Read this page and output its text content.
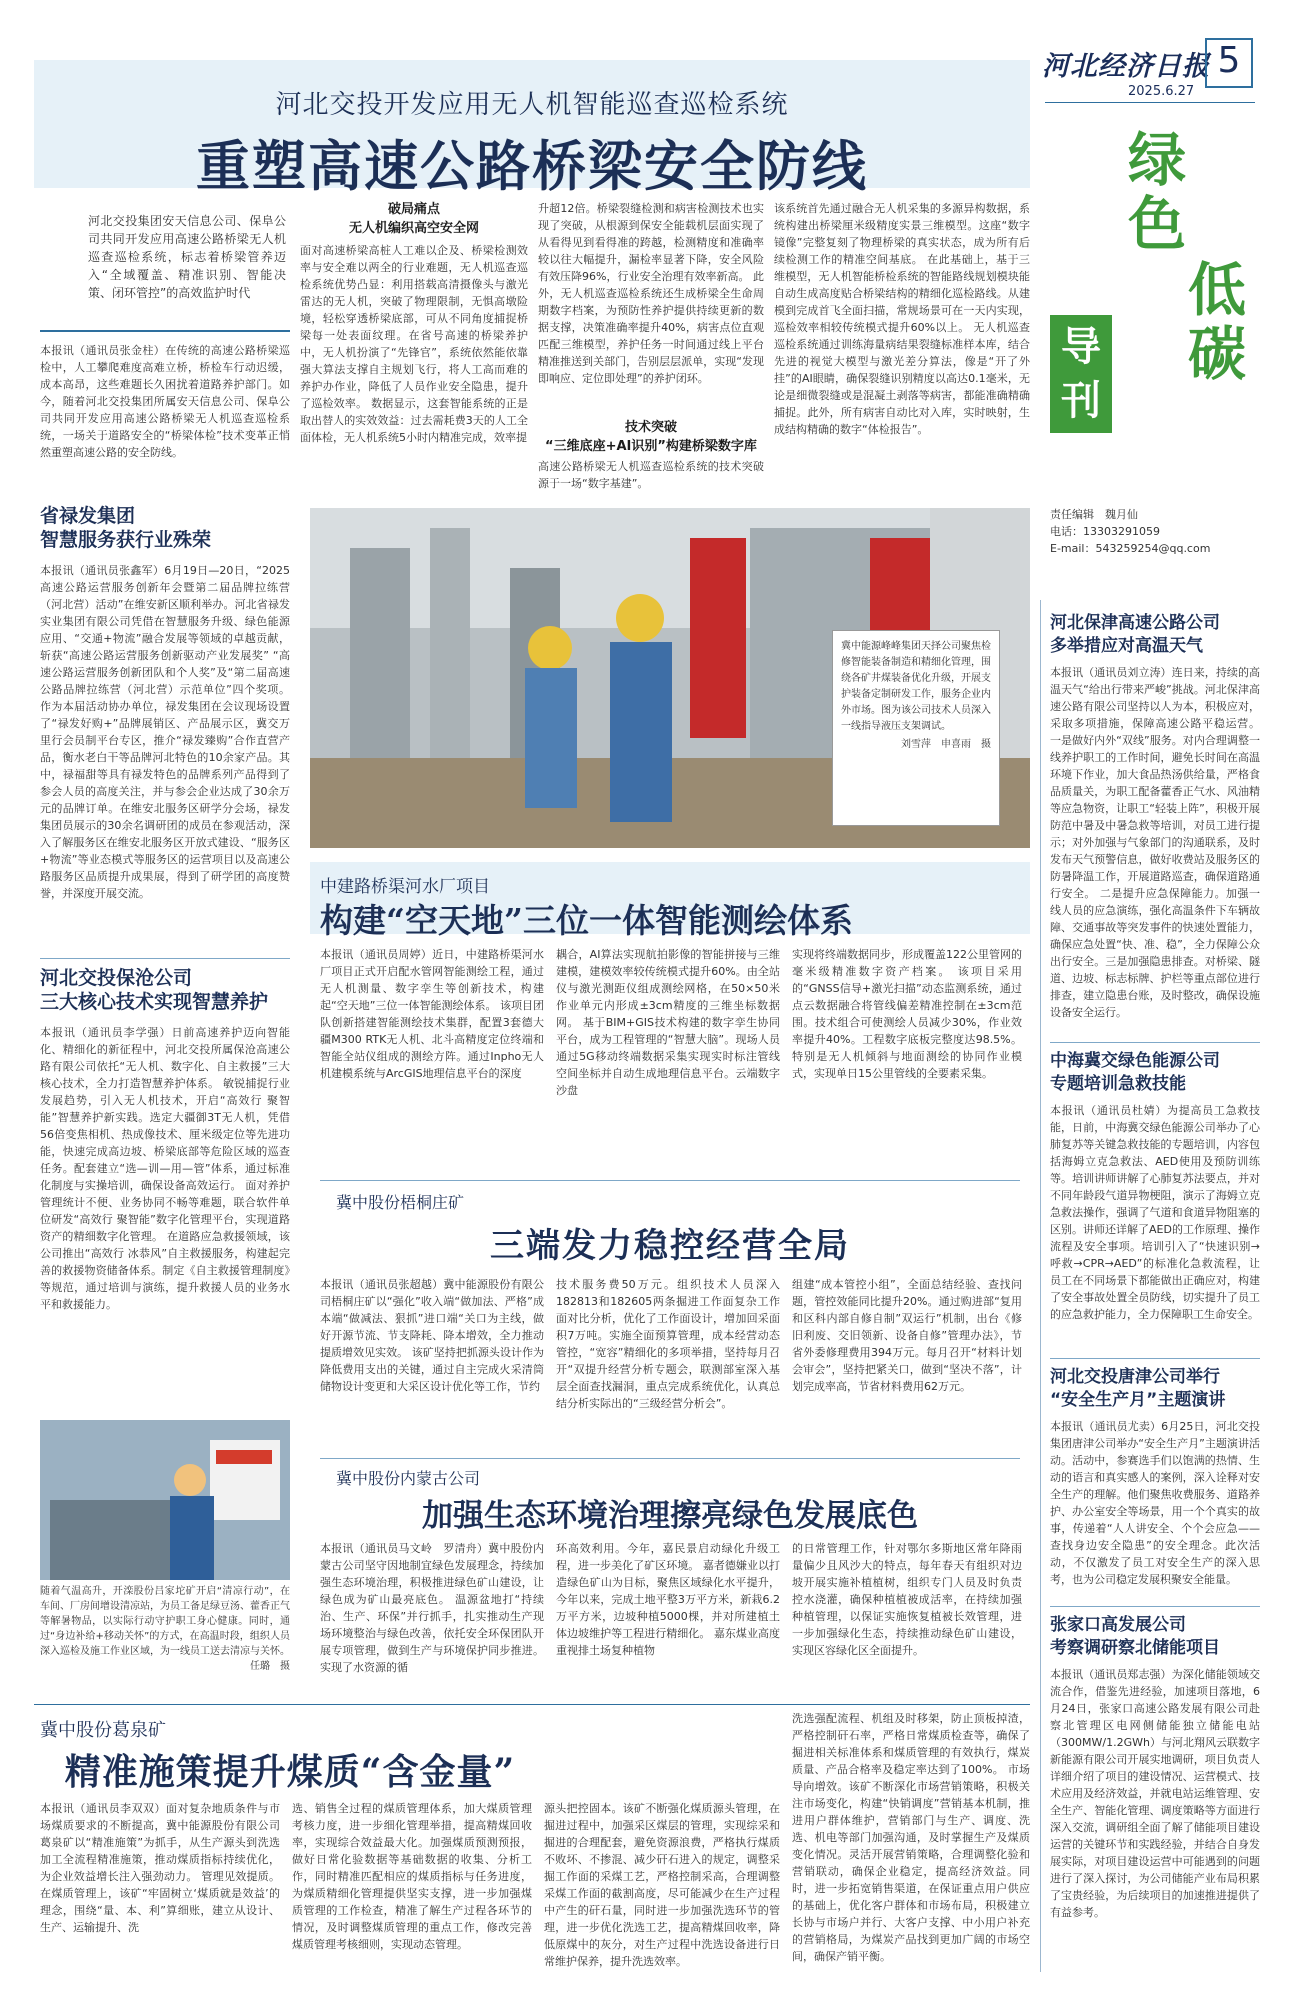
河北经济日报 5
2025.6.27
绿
色
低
碳
导刊
责任编辑　魏月仙
电话：13303291059
E-mail：543259254@qq.com
河北交投开发应用无人机智能巡查巡检系统
重塑高速公路桥梁安全防线
河北交投集团安天信息公司、保阜公司共同开发应用高速公路桥梁无人机巡查巡检系统，标志着桥梁管养迈入“全域覆盖、精准识别、智能决策、闭环管控”的高效监护时代
本报讯（通讯员张金柱）在传统的高速公路桥梁巡检中，人工攀爬难度高难立桥，桥检车行动迟缓，成本高昂，这些难题长久困扰着道路养护部门。如今，随着河北交投集团所属安天信息公司、保阜公司共同开发应用高速公路桥梁无人机巡查巡检系统，一场关于道路安全的“桥梁体检”技术变革正悄然重塑高速公路的安全防线。
破局痛点
无人机编织高空安全网
面对高速桥梁高桩人工难以企及、桥梁检测效率与安全难以两全的行业难题，无人机巡查巡检系统优势凸显：利用搭载高清摄像头与激光雷达的无人机，突破了物理限制，无惧高墩险境，轻松穿透桥梁底部，可从不同角度捕捉桥梁每一处表面纹理。在省号高速的桥梁养护中，无人机扮演了“先锋官”，系统依然能依靠强大算法支撑自主规划飞行，将人工高而难的养护办作业，降低了人员作业安全隐患，提升了巡检效率。 数据显示，这套智能系统的正是取出替人的实效效益：过去需耗费3天的人工全面体检，无人机系统5小时内精准完成，效率提
升超12倍。桥梁裂缝检测和病害检测技术也实现了突破，从根源到保安全能载机层面实现了从看得见到看得准的跨越，检测精度和准确率较以往大幅提升，漏检率显著下降，安全风险有效压降96%，行业安全治理有效率新高。 此外，无人机巡查巡检系统还生成桥梁全生命周期数字档案，为预防性养护提供持续更新的数据支撑，决策准确率提升40%，病害点位直观匹配三维模型，养护任务一时间通过线上平台精准推送到关部门，告别层层派单，实现“发现即响应、定位即处理”的养护闭环。
技术突破
“三维底座+AI识别”构建桥梁数字库
高速公路桥梁无人机巡查巡检系统的技术突破源于一场“数字基建”。
该系统首先通过融合无人机采集的多源异构数据，系统构建出桥梁厘米级精度实景三维模型。这座“数字镜像”完整复刻了物理桥梁的真实状态，成为所有后续检测工作的精准空间基底。 在此基础上，基于三维模型，无人机智能桥检系统的智能路线规划模块能自动生成高度贴合桥梁结构的精细化巡检路线。从建模到完成首飞全面扫描，常规场景可在一天内实现，巡检效率相较传统模式提升60%以上。 无人机巡查巡检系统通过训练海量病结果裂缝标准样本库，结合先进的视觉大模型与激光差分算法，像是“开了外挂”的AI眼睛，确保裂缝识别精度以高达0.1毫米，无论是细微裂缝或是混凝土剥落等病害，都能准确精确捕捉。此外，所有病害自动比对入库，实时映射，生成结构精确的数字“体检报告”。
冀中能源峰峰集团天择公司聚焦检修智能装备制造和精细化管理，围绕各矿井煤装备优化升级，开展支护装备定制研发工作，服务企业内外市场。图为该公司技术人员深入一线指导液压支架调试。
刘雪萍　申喜雨　摄
省禄发集团
智慧服务获行业殊荣
本报讯（通讯员张鑫军）6月19日—20日，“2025高速公路运营服务创新年会暨第二届品牌拉练营（河北营）活动”在维安新区顺利举办。河北省禄发实业集团有限公司凭借在智慧服务升级、绿色能源应用、“交通+物流”融合发展等领域的卓越贡献，斩获“高速公路运营服务创新驱动产业发展奖” “高速公路运营服务创新团队和个人奖”及“第二届高速公路品牌拉练营（河北营）示范单位”四个奖项。 作为本届活动协办单位，禄发集团在会议现场设置了“禄发好购+”品牌展销区、产品展示区，冀交万里行会员制平台专区，推介“禄发臻购”合作直营产品，衡水老白干等品牌河北特色的10余家产品。其中，禄福甜等具有禄发特色的品牌系列产品得到了参会人员的高度关注，并与参会企业达成了30余万元的品牌订单。在维安北服务区研学分会场，禄发集团员展示的30余名调研团的成员在参观活动，深入了解服务区在维安北服务区开放式建设、“服务区+物流”等业态模式等服务区的运营项目以及高速公路服务区品质提升成果展，得到了研学团的高度赞誉，并深度开展交流。
河北交投保沧公司
三大核心技术实现智慧养护
本报讯（通讯员李学强）日前高速养护迈向智能化、精细化的新征程中，河北交投所属保沧高速公路有限公司依托“无人机、数字化、自主救援”三大核心技术，全力打造智慧养护体系。 敏锐捕捉行业发展趋势，引入无人机技术，开启“高效行 聚智能”智慧养护新实践。选定大疆御3T无人机，凭借56倍变焦相机、热成像技术、厘米级定位等先进功能，快速完成高边坡、桥梁底部等危险区域的巡查任务。配套建立“选—训—用—管”体系，通过标准化制度与实操培训，确保设备高效运行。 面对养护管理统计不便、业务协同不畅等难题，联合软件单位研发“高效行 聚智能”数字化管理平台，实现道路资产的精细数字化管理。 在道路应急救援领域，该公司推出“高效行 冰恭风”自主救援服务，构建起完善的救援物资储备体系。制定《自主救援管理制度》等规范，通过培训与演练，提升救援人员的业务水平和救援能力。
随着气温高升，开滦股份吕家坨矿开启“清凉行动”，在车间、厂房间增设清凉站，为员工备足绿豆汤、藿香正气等解暑物品，以实际行动守护职工身心健康。同时，通过“身边补给+移动关怀”的方式，在高温时段，组织人员深入巡检及施工作业区域，为一线员工送去清凉与关怀。
任璐　摄
中建路桥渠河水厂项目
构建“空天地”三位一体智能测绘体系
本报讯（通讯员周婷）近日，中建路桥渠河水厂项目正式开启配水管网智能测绘工程，通过无人机测量、数字孪生等创新技术，构建起“空天地”三位一体智能测绘体系。 该项目团队创新搭建智能测绘技术集群，配置3套德大疆M300 RTK无人机、北斗高精度定位终端和智能全站仪组成的测绘方阵。通过Inpho无人机建模系统与ArcGIS地理信息平台的深度
耦合，AI算法实现航拍影像的智能拼接与三维建模，建模效率较传统模式提升60%。由全站仪与激光测距仪组成测绘网格，在50×50米作业单元内形成±3cm精度的三维坐标数据网。 基于BIM+GIS技术构建的数字孪生协同平台，成为工程管理的“智慧大脑”。现场人员通过5G移动终端数据采集实现实时标注管线空间坐标并自动生成地理信息平台。云端数字沙盘
实现将终端数据同步，形成覆盖122公里管网的毫米级精准数字资产档案。 该项目采用的“GNSS信导+激光扫描”动态监测系统，通过点云数据融合将管线偏差精准控制在±3cm范围。技术组合可使测绘人员减少30%，作业效率提升40%。工程数字底板完整度达98.5%。特别是无人机倾斜与地面测绘的协同作业模式，实现单日15公里管线的全要素采集。
冀中股份梧桐庄矿
三端发力稳控经营全局
本报讯（通讯员张超越）冀中能源股份有限公司梧桐庄矿以“强化”收入端“做加法、严格”成本端“做减法、狠抓”进口端“关口为主线，做好开源节流、节支降耗、降本增效，全力推动提质增效见实效。 该矿坚持把抓源头设计作为降低费用支出的关键，通过自主完成火采清筒储物设计变更和大采区设计优化等工作，节约
技术服务费50万元。组织技术人员深入182813和182605两条掘进工作面复杂工作面对比分析，优化了工作面设计，增加回采面积7万吨。实施全面预算管理，成本经营动态管控，“宽容”精细化的多项举措，坚持每月召开“双提升经营分析专题会，联测部室深入基层全面查找漏洞，重点完成系统优化，认真总结分析实际出的“三级经营分析会”。
组建“成本管控小组”，全面总结经验、查找问题，管控效能同比提升20%。通过购进部“复用和区科内部自修自制”双运行”机制，出台《修旧利废、交旧领新、设备自修”管理办法》，节省外委修理费用394万元。每月召开“材料计划会审会”，坚持把紧关口，做到“坚决不落”，计划完成率高，节省材料费用62万元。
冀中股份内蒙古公司
加强生态环境治理擦亮绿色发展底色
本报讯（通讯员马文岭　罗清舟）冀中股份内蒙古公司坚守因地制宜绿色发展理念，持续加强生态环境治理，积极推进绿色矿山建设，让绿色成为矿山最亮底色。 温源盆地打“持续治、生产、环保”并行抓手，扎实推动生产现场环境整治与绿色改善，依托安全环保团队开展专项管理，做到生产与环境保护同步推进。实现了水资源的循
环高效利用。今年，嘉民景启动绿化升级工程，进一步美化了矿区环境。 嘉者德嫌业以打造绿色矿山为目标，聚焦区域绿化水平提升，今年以来，完成土地平整3万平方米，新栽6.2万平方米，边坡种植5000棵，并对所建植土体边坡维护等工程进行精细化。 嘉东煤业高度重视排土场复种植物
的日常管理工作，针对鄂尔多斯地区常年降雨量偏少且风沙大的特点，每年春天有组织对边坡开展实施补植植树，组织专门人员及时负责控水浇灌，确保种植植被成活率，在持续加强种植管理，以保证实施恢复植被长效管理，进一步加强绿化生态，持续推动绿色矿山建设，实现区容绿化区全面提升。
冀中股份葛泉矿
精准施策提升煤质“含金量”
本报讯（通讯员李双双）面对复杂地质条件与市场煤质要求的不断提高，冀中能源股份有限公司葛泉矿以“精准施策”为抓手，从生产源头到洗选加工全流程精准施策，推动煤质指标持续优化，为企业效益增长注入强劲动力。 管理见效提质。在煤质管理上，该矿“牢固树立‘煤质就是效益’的理念，围绕“量、本、利”算细账，建立从设计、生产、运输提升、洗
选、销售全过程的煤质管理体系，加大煤质管理考核力度，进一步细化管理举措，提高精煤回收率，实现综合效益最大化。加强煤质预测预报，做好日常化验数据等基础数据的收集、分析工作，同时精准匹配相应的煤质指标与任务进度，为煤质精细化管理提供坚实支撑，进一步加强煤质管理的工作检查，精准了解生产过程各环节的情况，及时调整煤质管理的重点工作，修改完善煤质管理考核细则，实现动态管理。
源头把控固本。该矿不断强化煤质源头管理，在掘进过程中，加强采区煤层的管理，实现综采和掘进的合理配套，避免资源浪费，严格执行煤质不败坏、不掺混、减少矸石进入的规定，调整采掘工作面的采煤工艺，严格控制采高，合理调整采煤工作面的截割高度，尽可能减少在生产过程中产生的矸石量，同时进一步加强洗选环节的管理，进一步优化洗选工艺，提高精煤回收率，降低原煤中的灰分，对生产过程中洗选设备进行日常维护保养，提升洗选效率。
洗选强配流程、机组及时移架，防止顶板掉渣，严格控制矸石率，严格日常煤质检查等，确保了掘进相关标准体系和煤质管理的有效执行，煤炭质量、产品合格率及稳定率达到了100%。 市场导向增效。该矿不断深化市场营销策略，积极关注市场变化，构建“快销调度”营销基本机制，推进用户群体维护，营销部门与生产、调度、洗选、机电等部门加强沟通，及时掌握生产及煤质变化情况。灵活开展营销策略，合理调整化验和营销联动，确保企业稳定，提高经济效益。同时，进一步拓宽销售渠道，在保证重点用户供应的基础上，优化客户群体和市场布局，积极建立长协与市场户并行、大客户支撑、中小用户补充的营销格局，为煤炭产品找到更加广阔的市场空间，确保产销平衡。
河北保津高速公路公司
多举措应对高温天气
本报讯（通讯员刘立涛）连日来，持续的高温天气“给出行带来严峻”挑战。河北保津高速公路有限公司坚持以人为本，积极应对，采取多项措施，保障高速公路平稳运营。 一是做好内外“双线”服务。对内合理调整一线养护职工的工作时间，避免长时间在高温环境下作业，加大食品热汤供给量，严格食品质量关，为职工配备藿香正气水、风油精等应急物资，让职工“轻装上阵”，积极开展防范中暑及中暑急救等培训，对员工进行提示；对外加强与气象部门的沟通联系，及时发布天气预警信息，做好收费站及服务区的防暑降温工作，开展道路巡查，确保道路通行安全。 二是提升应急保障能力。加强一线人员的应急演练，强化高温条件下车辆故障、交通事故等突发事件的快速处置能力，确保应急处置“快、准、稳”，全力保障公众出行安全。三是加强隐患排查。对桥梁、隧道、边坡、标志标牌、护栏等重点部位进行排查，建立隐患台账，及时整改，确保设施设备安全运行。
中海冀交绿色能源公司
专题培训急救技能
本报讯（通讯员杜婧）为提高员工急救技能，日前，中海冀交绿色能源公司举办了心肺复苏等关键急救技能的专题培训，内容包括海姆立克急救法、AED使用及预防训练等。培训讲师讲解了心肺复苏法要点，并对不同年龄段气道异物梗阻，演示了海姆立克急救法操作，强调了气道和食道异物阻塞的区别。讲师还详解了AED的工作原理、操作流程及安全事项。培训引入了“快速识别→呼救→CPR→AED”的标准化急救流程，让员工在不同场景下都能做出正确应对，构建了安全事故处置全员防线，切实提升了员工的应急救护能力，全力保障职工生命安全。
河北交投唐津公司举行
“安全生产月”主题演讲
本报讯（通讯员尤卖）6月25日，河北交投集团唐津公司举办“安全生产月”主题演讲活动。活动中，参赛选手们以饱满的热情、生动的语言和真实感人的案例，深入诠释对安全生产的理解。他们聚焦收费服务、道路养护、办公室安全等场景，用一个个真实的故事，传递着“人人讲安全、个个会应急——查找身边安全隐患”的安全理念。此次活动，不仅激发了员工对安全生产的深入思考，也为公司稳定发展积聚安全能量。
张家口高发展公司
考察调研察北储能项目
本报讯（通讯员郑志强）为深化储能领域交流合作，借鉴先进经验，加速项目落地，6月24日，张家口高速公路发展有限公司赴察北管理区电网侧储能独立储能电站（300MW/1.2GWh）与河北翔风云联数字新能源有限公司开展实地调研，项目负责人详细介绍了项目的建设情况、运营模式、技术应用及经济效益，并就电站运维管理、安全生产、智能化管理、调度策略等方面进行深入交流，调研组全面了解了储能项目建设运营的关键环节和实践经验，并结合自身发展实际，对项目建设运营中可能遇到的问题进行了深入探讨，为公司储能产业布局积累了宝贵经验，为后续项目的加速推进提供了有益参考。
